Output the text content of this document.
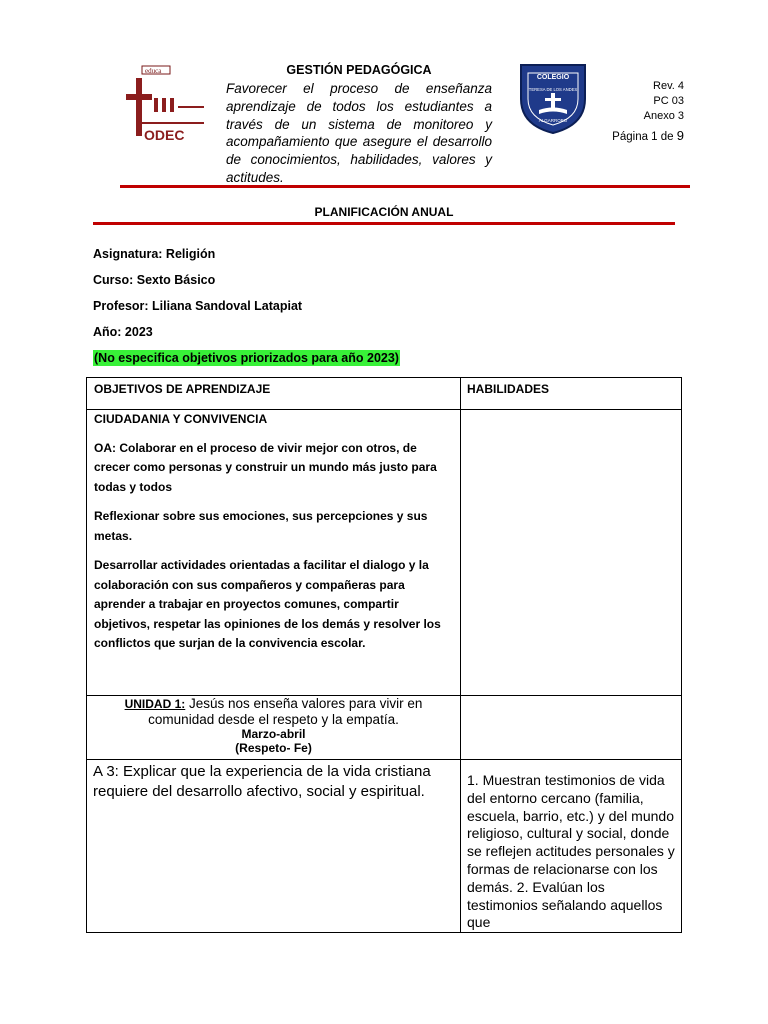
educa
ODEC
GESTIÓN PEDAGÓGICA
Favorecer el proceso de enseñanza aprendizaje de todos los estudiantes a través de un sistema de monitoreo y acompañamiento que asegure el desarrollo de conocimientos, habilidades, valores y actitudes.
COLEGIO
TERESA DE LOS ANDES
ALGARROBO
Rev. 4
PC 03
Anexo 3
Página 1 de 9
PLANIFICACIÓN ANUAL
Asignatura: Religión
Curso: Sexto Básico
Profesor: Liliana Sandoval Latapiat
Año: 2023
(No especifica objetivos priorizados para año 2023)
OBJETIVOS DE APRENDIZAJE	HABILIDADES

CIUDADANIA Y CONVIVENCIA

OA: Colaborar en el proceso de vivir mejor con otros, de crecer como personas y construir un mundo más justo para todas y todos

Reflexionar sobre sus emociones, sus percepciones y sus metas.

Desarrollar actividades orientadas a facilitar el dialogo y la colaboración con sus compañeros y compañeras para aprender a trabajar en proyectos comunes, compartir objetivos, respetar las opiniones de los demás y resolver los conflictos que surjan de la convivencia escolar.

UNIDAD 1: Jesús nos enseña valores para vivir en comunidad desde el respeto y la empatía.
Marzo-abril
(Respeto- Fe)
A 3: Explicar que la experiencia de la vida cristiana requiere del desarrollo afectivo, social y espiritual.
1. Muestran testimonios de vida del entorno cercano (familia, escuela, barrio, etc.) y del mundo religioso, cultural y social, donde se reflejen actitudes personales y formas de relacionarse con los demás. 2. Evalúan los testimonios señalando aquellos que
